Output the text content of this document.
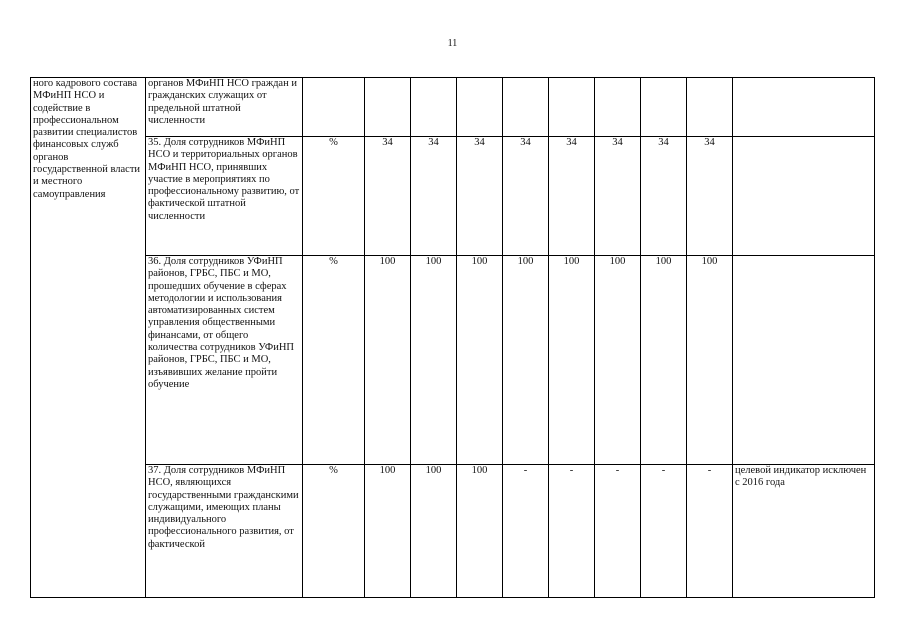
11
ного кадрового состава МФиНП НСО и содействие в профессиональном развитии специалистов финансовых служб органов государственной власти и местного самоуправления	органов МФиНП НСО граждан и гражданских служащих от предельной штатной численности										
	35. Доля сотрудников МФиНП НСО и территориальных органов МФиНП НСО, принявших участие в мероприятиях по профессиональному развитию, от фактической штатной численности	%	34	34	34	34	34	34	34	34	
	36. Доля сотрудников УФиНП районов, ГРБС, ПБС и МО, прошедших обучение в сферах методологии и использования автоматизированных систем управления общественными финансами, от общего количества сотрудников УФиНП районов, ГРБС, ПБС и МО, изъявивших желание пройти обучение	%	100	100	100	100	100	100	100	100	
	37. Доля сотрудников МФиНП НСО, являющихся государственными гражданскими служащими, имеющих планы индивидуального профессионального развития, от фактической	%	100	100	100	-	-	-	-	-	целевой индикатор исключен с 2016 года
